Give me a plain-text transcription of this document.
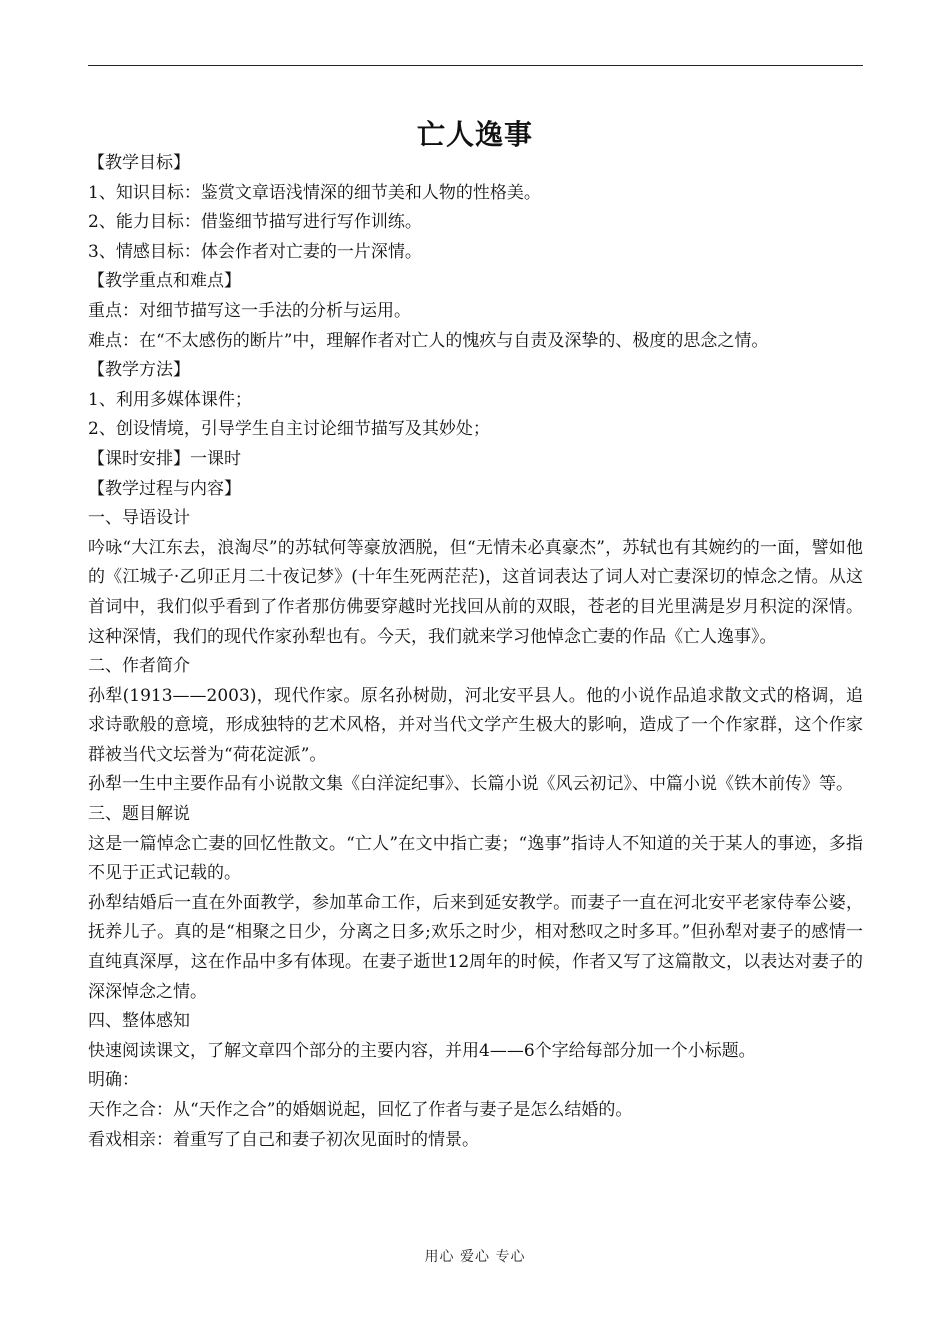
亡人逸事

【教学目标】

1、知识目标：鉴赏文章语浅情深的细节美和人物的性格美。

2、能力目标：借鉴细节描写进行写作训练。

3、情感目标：体会作者对亡妻的一片深情。

【教学重点和难点】

重点：对细节描写这一手法的分析与运用。

难点：在“不太感伤的断片”中，理解作者对亡人的愧疚与自责及深挚的、极度的思念之情。

【教学方法】

1、利用多媒体课件；

2、创设情境，引导学生自主讨论细节描写及其妙处；

【课时安排】一课时

【教学过程与内容】

一、导语设计

吟咏“大江东去，浪淘尽”的苏轼何等豪放洒脱，但“无情未必真豪杰”，苏轼也有其婉约的一面，譬如他的《江城子·乙卯正月二十夜记梦》(十年生死两茫茫)，这首词表达了词人对亡妻深切的悼念之情。从这首词中，我们似乎看到了作者那仿佛要穿越时光找回从前的双眼，苍老的目光里满是岁月积淀的深情。这种深情，我们的现代作家孙犁也有。今天，我们就来学习他悼念亡妻的作品《亡人逸事》。

二、作者简介

孙犁(1913——2003)，现代作家。原名孙树勋，河北安平县人。他的小说作品追求散文式的格调，追求诗歌般的意境，形成独特的艺术风格，并对当代文学产生极大的影响，造成了一个作家群，这个作家群被当代文坛誉为“荷花淀派”。

孙犁一生中主要作品有小说散文集《白洋淀纪事》、长篇小说《风云初记》、中篇小说《铁木前传》等。

三、题目解说

这是一篇悼念亡妻的回忆性散文。“亡人”在文中指亡妻；“逸事”指诗人不知道的关于某人的事迹，多指不见于正式记载的。

孙犁结婚后一直在外面教学，参加革命工作，后来到延安教学。而妻子一直在河北安平老家侍奉公婆，抚养儿子。真的是“相聚之日少，分离之日多;欢乐之时少，相对愁叹之时多耳。”但孙犁对妻子的感情一直纯真深厚，这在作品中多有体现。在妻子逝世12周年的时候，作者又写了这篇散文，以表达对妻子的深深悼念之情。

四、整体感知

快速阅读课文，了解文章四个部分的主要内容，并用4——6个字给每部分加一个小标题。

明确：

天作之合：从“天作之合”的婚姻说起，回忆了作者与妻子是怎么结婚的。

看戏相亲：着重写了自己和妻子初次见面时的情景。

用心 爱心 专心
